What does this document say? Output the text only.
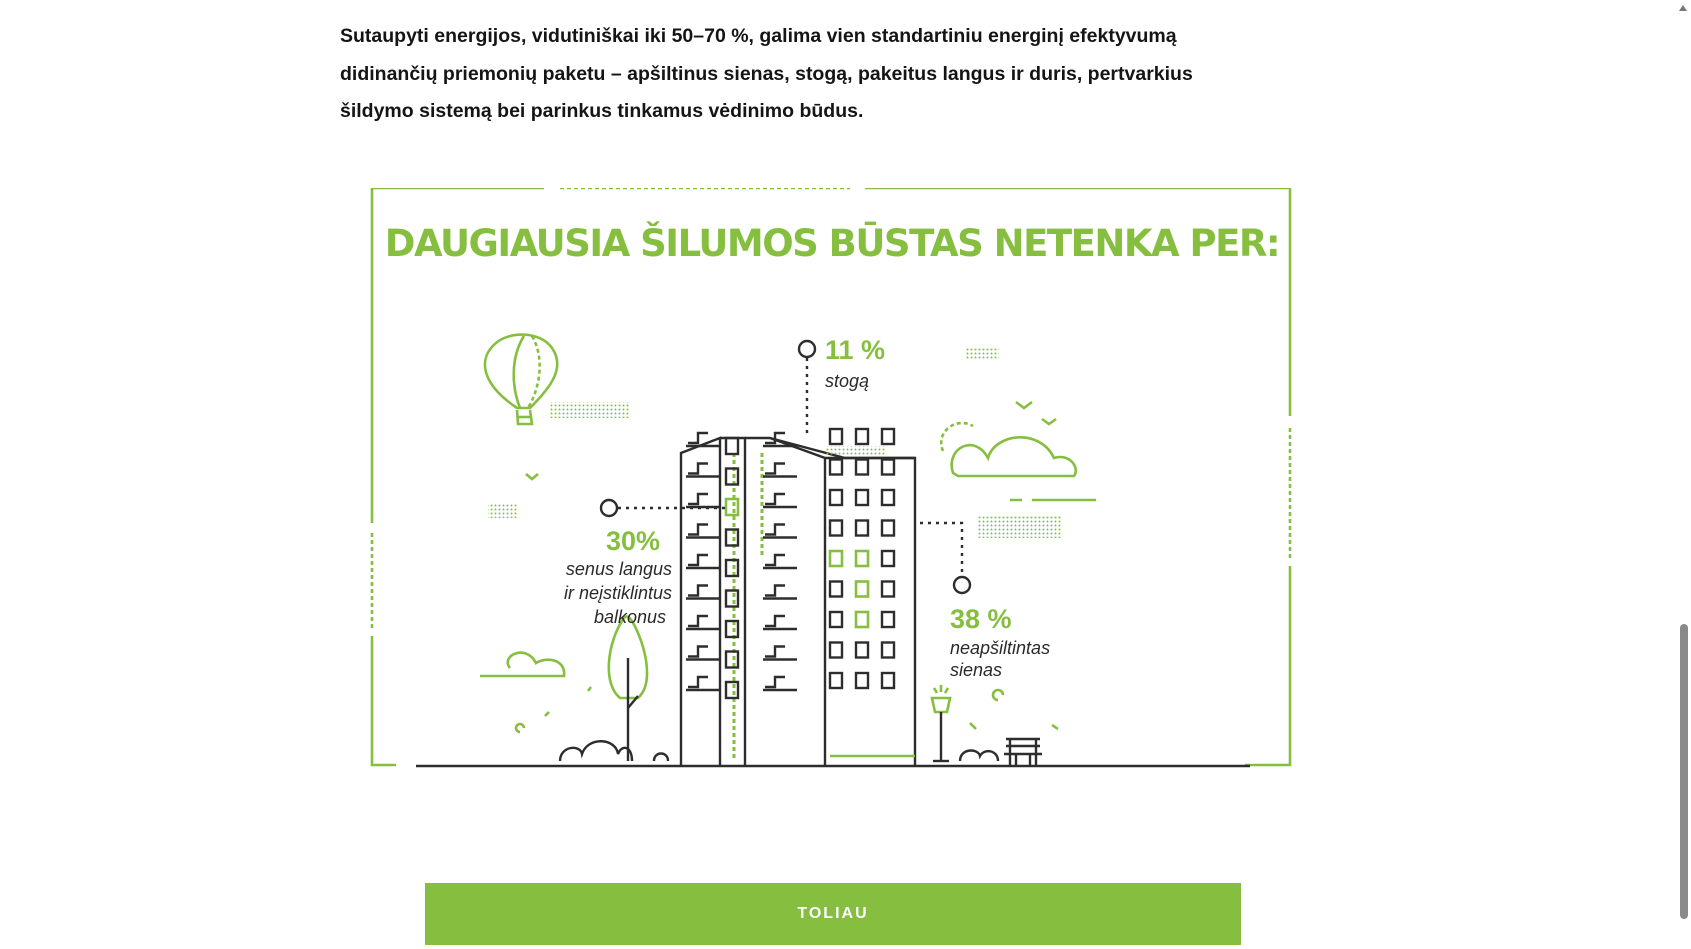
Sutaupyti energijos, vidutiniškai iki 50–70 %, galima vien standartiniu energinį efektyvumą didinančių priemonių paketu – apšiltinus sienas, stogą, pakeitus langus ir duris, pertvarkius šildymo sistemą bei parinkus tinkamus vėdinimo būdus.

DAUGIAUSIA ŠILUMOS BŪSTAS NETENKA PER:
11 %
stogą
30%
senus langus
ir neįstiklintus
balkonus	38 %
neapšiltintas
sienas
TOLIAU
